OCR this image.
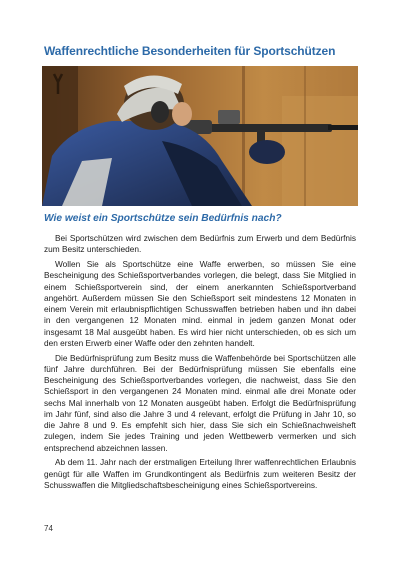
Waffenrechtliche Besonderheiten für Sportschützen
Wie weist ein Sportschütze sein Bedürfnis nach?

Bei Sportschützen wird zwischen dem Bedürfnis zum Erwerb und dem Bedürfnis zum Besitz unterschieden.

Wollen Sie als Sportschütze eine Waffe erwerben, so müssen Sie eine Bescheinigung des Schießsportverbandes vorlegen, die belegt, dass Sie Mitglied in einem Schießsportverein sind, der einem anerkannten Schießsportverband angehört. Außerdem müssen Sie den Schießsport seit mindestens 12 Monaten in einem Verein mit erlaubnispflichtigen Schusswaffen betrieben haben und ihn dabei in den vergangenen 12 Monaten mind. einmal in jedem ganzen Monat oder insgesamt 18 Mal ausgeübt haben. Es wird hier nicht unterschieden, ob es sich um den ersten Erwerb einer Waffe oder den zehnten handelt.

Die Bedürfnisprüfung zum Besitz muss die Waffenbehörde bei Sportschützen alle fünf Jahre durchführen. Bei der Bedürfnisprüfung müssen Sie ebenfalls eine Bescheinigung des Schießsportverbandes vorlegen, die nachweist, dass Sie den Schießsport in den vergangenen 24 Monaten mind. einmal alle drei Monate oder sechs Mal innerhalb von 12 Monaten ausgeübt haben. Erfolgt die Bedürfnisprüfung im Jahr fünf, sind also die Jahre 3 und 4 relevant, erfolgt die Prüfung in Jahr 10, so die Jahre 8 und 9. Es empfehlt sich hier, dass Sie sich ein Schießnachweisheft zulegen, indem Sie jedes Training und jeden Wettbewerb vermerken und sich entsprechend abzeichnen lassen.

Ab dem 11. Jahr nach der erstmaligen Erteilung Ihrer waffenrechtlichen Erlaubnis genügt für alle Waffen im Grundkontingent als Bedürfnis zum weiteren Besitz der Schusswaffen die Mitgliedschaftsbescheinigung eines Schießsportvereins.

74
